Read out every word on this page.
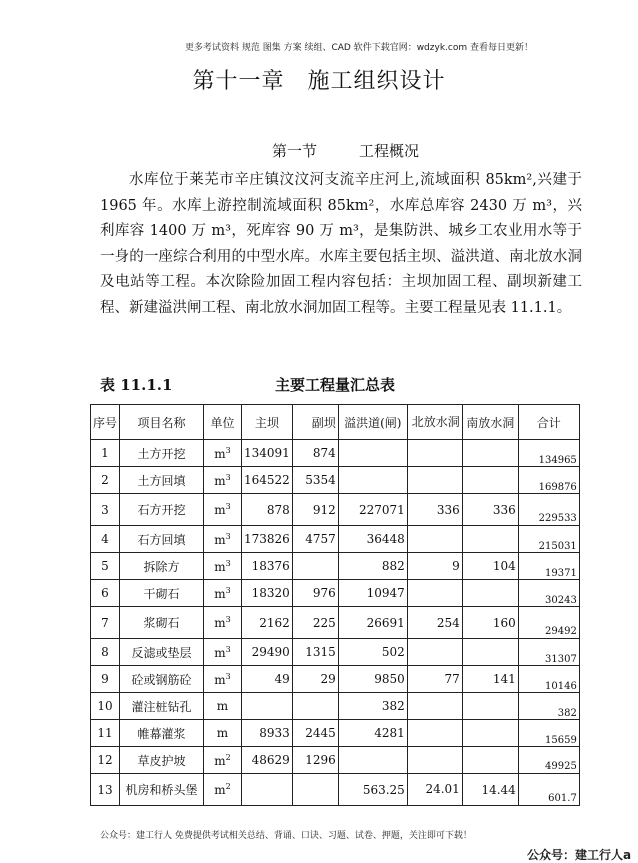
更多考试资料 规范 图集 方案 续组、CAD 软件下载官网：wdzyk.com 查看每日更新！
第十一章　施工组织设计
第一节	工程概况

水库位于莱芜市辛庄镇汶汶河支流辛庄河上,流域面积 85km²,兴建于 1965 年。水库上游控制流域面积 85km²，水库总库容 2430 万 m³，兴利库容 1400 万 m³，死库容 90 万 m³，是集防洪、城乡工农业用水等于一身的一座综合利用的中型水库。水库主要包括主坝、溢洪道、南北放水洞及电站等工程。本次除险加固工程内容包括：主坝加固工程、副坝新建工程、新建溢洪闸工程、南北放水洞加固工程等。主要工程量见表 11.1.1。

表 11.1.1	主要工程量汇总表
序号	项目名称	单位	主坝	副坝	溢洪道(闸)	北放水洞	南放水洞	合计
1	土方开挖	$m^3$	134091	874				134965
2	土方回填	$m^3$	164522	5354				169876
3	石方开挖	$m^3$	878	912	227071	336	336	229533
4	石方回填	$m^3$	173826	4757	36448			215031
5	拆除方	$m^3$	18376		882	9	104	19371
6	干砌石	$m^3$	18320	976	10947			30243
7	浆砌石	$m^3$	2162	225	26691	254	160	29492
8	反滤或垫层	$m^3$	29490	1315	502			31307
9	砼或钢筋砼	$m^3$	49	29	9850	77	141	10146
10	灌注桩钻孔	m			382			382
11	帷幕灌浆	m	8933	2445	4281			15659
12	草皮护坡	$m^2$	48629	1296				49925
13	机房和桥头堡	$m^2$			563.25	24.01	14.44	601.7
公众号：建工行人 免费提供考试相关总结、背诵、口诀、习题、试卷、押题，关注即可下载！
公众号：建工行人a
